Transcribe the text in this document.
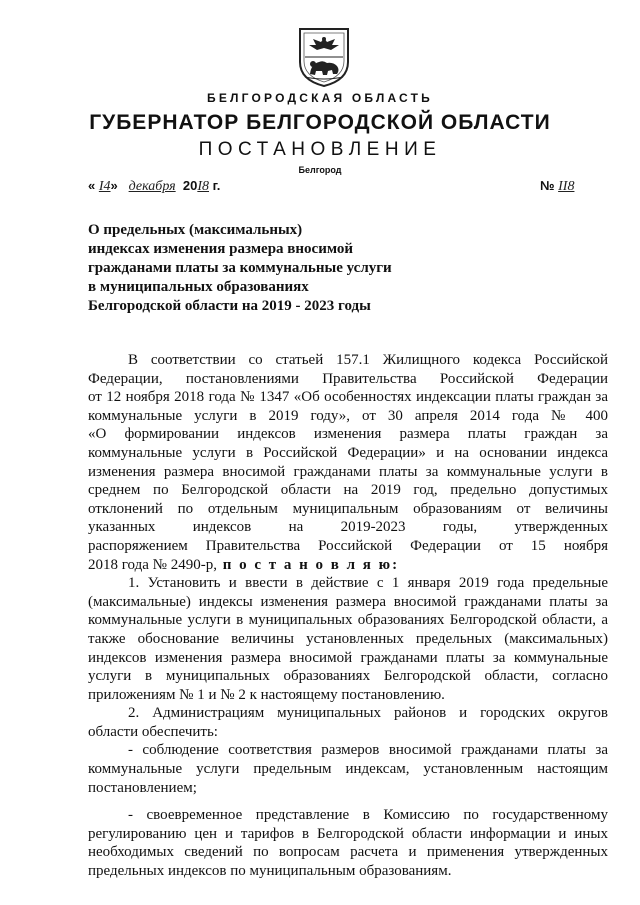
БЕЛГОРОДСКАЯ ОБЛАСТЬ
ГУБЕРНАТОР БЕЛГОРОДСКОЙ ОБЛАСТИ
ПОСТАНОВЛЕНИЕ
Белгород
« I4» декабря 20I8 г.	№ II8
О предельных (максимальных)
индексах изменения размера вносимой
гражданами платы за коммунальные услуги
в муниципальных образованиях
Белгородской области на 2019 - 2023 годы
В соответствии со статьей 157.1 Жилищного кодекса Российской
Федерации, постановлениями Правительства Российской Федерации
от 12 ноября 2018 года № 1347 «Об особенностях индексации платы граждан за
коммунальные услуги в 2019 году», от 30 апреля 2014 года № 400
«О формировании индексов изменения размера платы граждан за
коммунальные услуги в Российской Федерации» и на основании индекса
изменения размера вносимой гражданами платы за коммунальные услуги в
среднем по Белгородской области на 2019 год, предельно допустимых
отклонений по отдельным муниципальным образованиям от величины
указанных индексов на 2019-2023 годы, утвержденных
распоряжением Правительства Российской Федерации от 15 ноября
2018 года № 2490-р, п о с т а н о в л я ю:
1. Установить и ввести в действие с 1 января 2019 года предельные
(максимальные) индексы изменения размера вносимой гражданами платы за
коммунальные услуги в муниципальных образованиях Белгородской области, а
также обоснование величины установленных предельных (максимальных)
индексов изменения размера вносимой гражданами платы за коммунальные
услуги в муниципальных образованиях Белгородской области, согласно
приложениям № 1 и № 2 к настоящему постановлению.
2. Администрациям муниципальных районов и городских округов
области обеспечить:
- соблюдение соответствия размеров вносимой гражданами платы за
коммунальные услуги предельным индексам, установленным настоящим
постановлением;
- своевременное представление в Комиссию по государственному
регулированию цен и тарифов в Белгородской области информации и иных
необходимых сведений по вопросам расчета и применения утвержденных
предельных индексов по муниципальным образованиям.
